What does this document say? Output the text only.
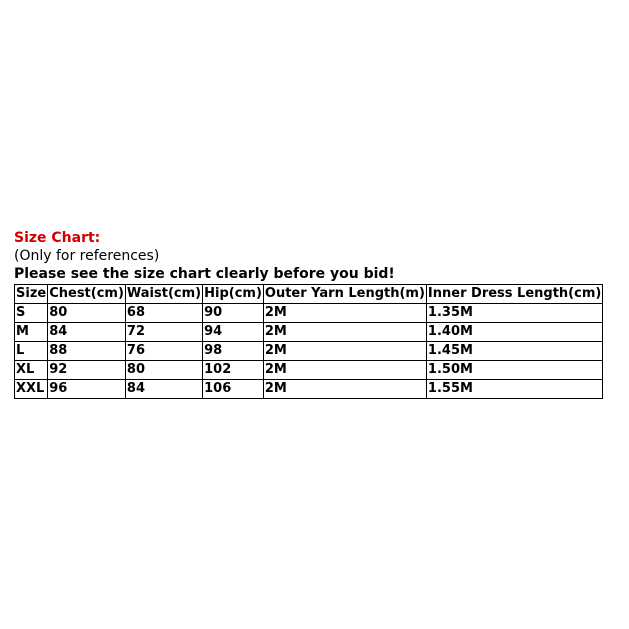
Size Chart:
(Only for references)
Please see the size chart clearly before you bid!
Size	Chest(cm)	Waist(cm)	Hip(cm)	Outer Yarn Length(m)	Inner Dress Length(cm)
S	80	68	90	2M	1.35M
M	84	72	94	2M	1.40M
L	88	76	98	2M	1.45M
XL	92	80	102	2M	1.50M
XXL	96	84	106	2M	1.55M
